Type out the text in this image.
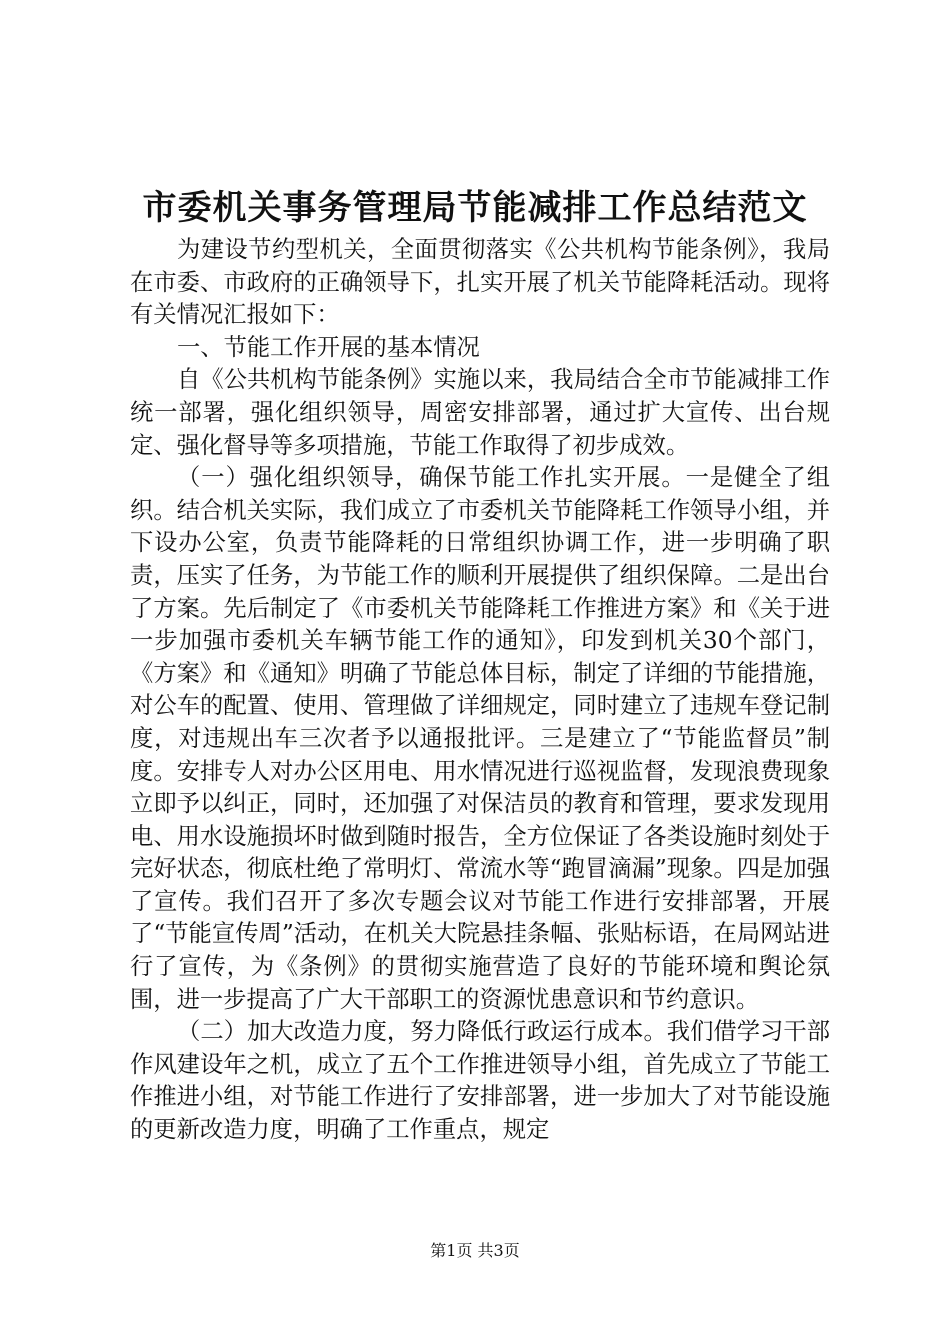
市委机关事务管理局节能减排工作总结范文

为建设节约型机关，全面贯彻落实《公共机构节能条例》，我局在市委、市政府的正确领导下，扎实开展了机关节能降耗活动。现将有关情况汇报如下：

一、节能工作开展的基本情况

自《公共机构节能条例》实施以来，我局结合全市节能减排工作统一部署，强化组织领导，周密安排部署，通过扩大宣传、出台规定、强化督导等多项措施，节能工作取得了初步成效。

（一）强化组织领导，确保节能工作扎实开展。一是健全了组织。结合机关实际，我们成立了市委机关节能降耗工作领导小组，并下设办公室，负责节能降耗的日常组织协调工作，进一步明确了职责，压实了任务，为节能工作的顺利开展提供了组织保障。二是出台了方案。先后制定了《市委机关节能降耗工作推进方案》和《关于进一步加强市委机关车辆节能工作的通知》，印发到机关30个部门，《方案》和《通知》明确了节能总体目标，制定了详细的节能措施，对公车的配置、使用、管理做了详细规定，同时建立了违规车登记制度，对违规出车三次者予以通报批评。三是建立了“节能监督员”制度。安排专人对办公区用电、用水情况进行巡视监督，发现浪费现象立即予以纠正，同时，还加强了对保洁员的教育和管理，要求发现用电、用水设施损坏时做到随时报告，全方位保证了各类设施时刻处于完好状态，彻底杜绝了常明灯、常流水等“跑冒滴漏”现象。四是加强了宣传。我们召开了多次专题会议对节能工作进行安排部署，开展了“节能宣传周”活动，在机关大院悬挂条幅、张贴标语，在局网站进行了宣传，为《条例》的贯彻实施营造了良好的节能环境和舆论氛围，进一步提高了广大干部职工的资源忧患意识和节约意识。

（二）加大改造力度，努力降低行政运行成本。我们借学习干部作风建设年之机，成立了五个工作推进领导小组，首先成立了节能工作推进小组，对节能工作进行了安排部署，进一步加大了对节能设施的更新改造力度，明确了工作重点，规定

第1页 共3页
